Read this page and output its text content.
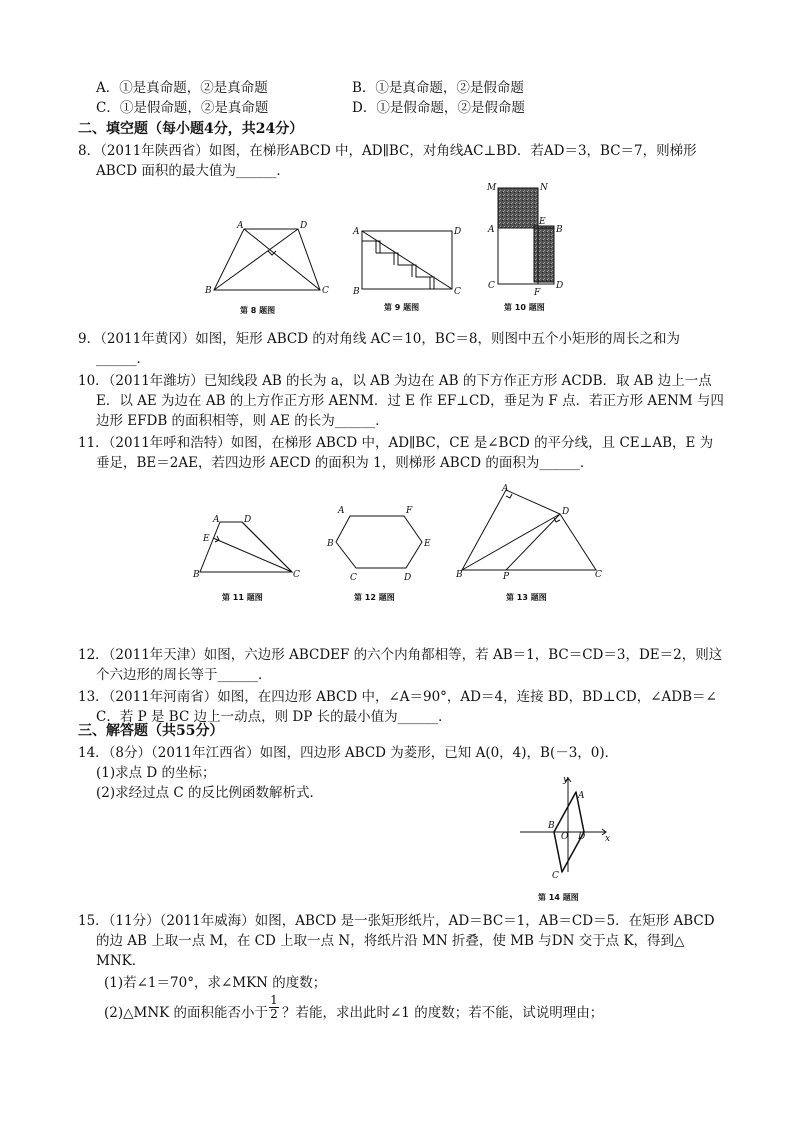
A．①是真命题，②是真命题	B．①是真命题，②是假命题
C．①是假命题，②是真命题	D．①是假命题，②是假命题
二、填空题（每小题4分，共24分）
8．（2011年陕西省）如图，在梯形ABCD 中，AD∥BC，对角线AC⊥BD．若AD＝3，BC＝7，则梯形
ABCD 面积的最大值为______．
A	D
B	C
第 8 题图
A	D
B	C
第 9 题图
M	N
E
A	B
C
F
D
第 10 题图
9．（2011年黄冈）如图，矩形 ABCD 的对角线 AC＝10，BC＝8，则图中五个小矩形的周长之和为
______．
10．（2011年潍坊）已知线段 AB 的长为 a，以 AB 为边在 AB 的下方作正方形 ACDB．取 AB 边上一点
E．以 AE 为边在 AB 的上方作正方形 AENM．过 E 作 EF⊥CD，垂足为 F 点．若正方形 AENM 与四
边形 EFDB 的面积相等，则 AE 的长为______．
11．（2011年呼和浩特）如图，在梯形 ABCD 中，AD∥BC，CE 是∠BCD 的平分线，且 CE⊥AB，E 为
垂足，BE＝2AE，若四边形 AECD 的面积为 1，则梯形 ABCD 的面积为______．
A	D
E
B	C
第 11 题图
A	F
B	E
C	D
第 12 题图
A
D
B	P	C
第 13 题图
12．（2011年天津）如图，六边形 ABCDEF 的六个内角都相等，若 AB＝1，BC＝CD＝3，DE＝2，则这
个六边形的周长等于______．
13．（2011年河南省）如图，在四边形 ABCD 中，∠A＝90°，AD＝4，连接 BD，BD⊥CD，∠ADB＝∠
C．若 P 是 BC 边上一动点，则 DP 长的最小值为______．
三、解答题（共55分）
14．（8分）（2011年江西省）如图，四边形 ABCD 为菱形，已知 A(0，4)，B(－3，0)．
(1)求点 D 的坐标；
(2)求经过点 C 的反比例函数解析式．
y
A
B
O D x
C
第 14 题图
15．（11分）（2011年威海）如图，ABCD 是一张矩形纸片，AD＝BC＝1，AB＝CD＝5．在矩形 ABCD
的边 AB 上取一点 M，在 CD 上取一点 N，将纸片沿 MN 折叠，使 MB 与DN 交于点 K，得到△
MNK．
(1)若∠1＝70°，求∠MKN 的度数；
(2)△MNK 的面积能否小于
1
2 ？若能，求出此时∠1 的度数；若不能，试说明理由；
